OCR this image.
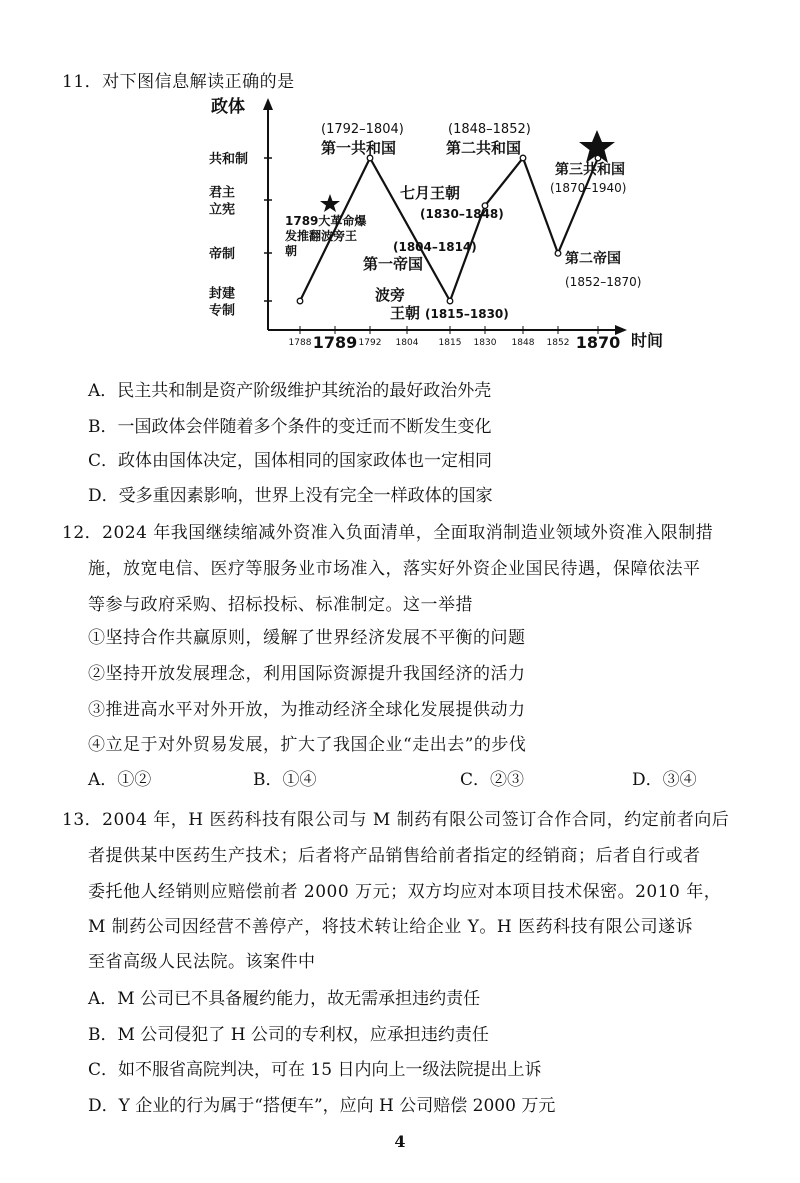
11．对下图信息解读正确的是
政体
时间
封建
专制
帝制
君主
立宪
共和制
1788 1789 1792 1804 1815 1830 1848 1852 1870
(1792–1804)
第一共和国
(1848–1852)
第二共和国
第三共和国
(1870–1940)
七月王朝
(1830–1848)
1789大革命爆
发推翻波旁王
朝	(1804–1814)
第一帝国	第二帝国
(1852–1870)
波旁
王朝 (1815–1830)
A．民主共和制是资产阶级维护其统治的最好政治外壳
B．一国政体会伴随着多个条件的变迁而不断发生变化
C．政体由国体决定，国体相同的国家政体也一定相同
D．受多重因素影响，世界上没有完全一样政体的国家
12．2024 年我国继续缩减外资准入负面清单，全面取消制造业领域外资准入限制措
施，放宽电信、医疗等服务业市场准入，落实好外资企业国民待遇，保障依法平
等参与政府采购、招标投标、标准制定。这一举措
①坚持合作共赢原则，缓解了世界经济发展不平衡的问题
②坚持开放发展理念，利用国际资源提升我国经济的活力
③推进高水平对外开放，为推动经济全球化发展提供动力
④立足于对外贸易发展，扩大了我国企业“走出去”的步伐
A．①②	B．①④	C．②③	D．③④
13．2004 年，H 医药科技有限公司与 M 制药有限公司签订合作合同，约定前者向后
者提供某中医药生产技术；后者将产品销售给前者指定的经销商；后者自行或者
委托他人经销则应赔偿前者 2000 万元；双方均应对本项目技术保密。2010 年，
M 制药公司因经营不善停产，将技术转让给企业 Y。H 医药科技有限公司遂诉
至省高级人民法院。该案件中
A．M 公司已不具备履约能力，故无需承担违约责任
B．M 公司侵犯了 H 公司的专利权，应承担违约责任
C．如不服省高院判决，可在 15 日内向上一级法院提出上诉
D．Y 企业的行为属于“搭便车”，应向 H 公司赔偿 2000 万元
4
